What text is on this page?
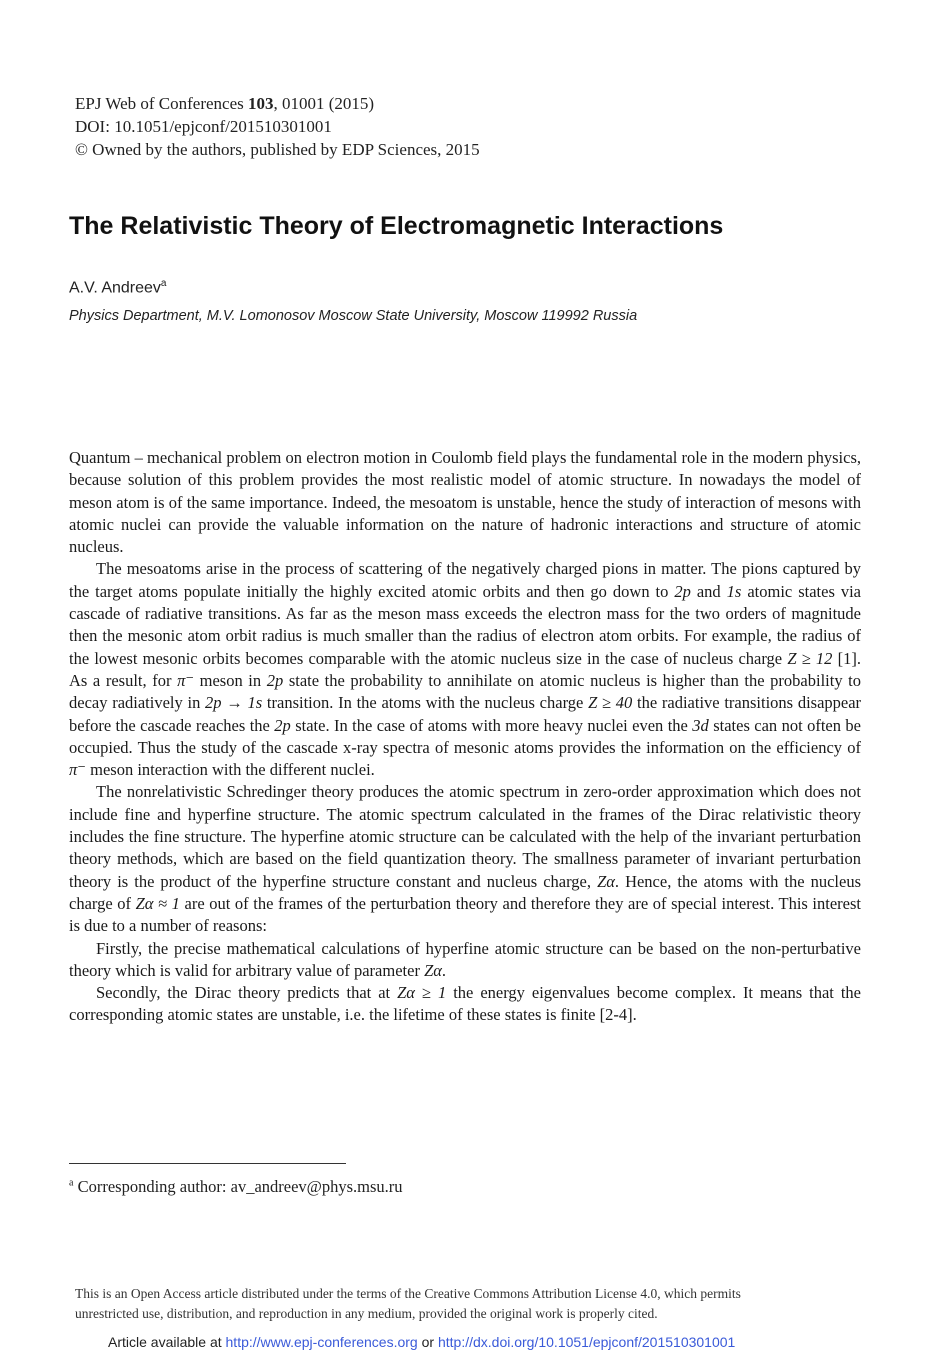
EPJ Web of Conferences 103, 01001 (2015)
DOI: 10.1051/epjconf/201510301001
© Owned by the authors, published by EDP Sciences, 2015
The Relativistic Theory of Electromagnetic Interactions
A.V. Andreev$^a$
Physics Department, M.V. Lomonosov Moscow State University, Moscow 119992 Russia

Quantum – mechanical problem on electron motion in Coulomb field plays the fundamental role in the modern physics, because solution of this problem provides the most realistic model of atomic structure. In nowadays the model of meson atom is of the same importance. Indeed, the mesoatom is unstable, hence the study of interaction of mesons with atomic nuclei can provide the valuable information on the nature of hadronic interactions and structure of atomic nucleus.

The mesoatoms arise in the process of scattering of the negatively charged pions in matter. The pions captured by the target atoms populate initially the highly excited atomic orbits and then go down to 2p and 1s atomic states via cascade of radiative transitions. As far as the meson mass exceeds the electron mass for the two orders of magnitude then the mesonic atom orbit radius is much smaller than the radius of electron atom orbits. For example, the radius of the lowest mesonic orbits becomes comparable with the atomic nucleus size in the case of nucleus charge Z ≥ 12 [1]. As a result, for π⁻ meson in 2p state the probability to annihilate on atomic nucleus is higher than the probability to decay radiatively in 2p → 1s transition. In the atoms with the nucleus charge Z ≥ 40 the radiative transitions disappear before the cascade reaches the 2p state. In the case of atoms with more heavy nuclei even the 3d states can not often be occupied. Thus the study of the cascade x-ray spectra of mesonic atoms provides the information on the efficiency of π⁻ meson interaction with the different nuclei.

The nonrelativistic Schredinger theory produces the atomic spectrum in zero-order approximation which does not include fine and hyperfine structure. The atomic spectrum calculated in the frames of the Dirac relativistic theory includes the fine structure. The hyperfine atomic structure can be calculated with the help of the invariant perturbation theory methods, which are based on the field quantization theory. The smallness parameter of invariant perturbation theory is the product of the hyperfine structure constant and nucleus charge, Zα. Hence, the atoms with the nucleus charge of Zα ≈ 1 are out of the frames of the perturbation theory and therefore they are of special interest. This interest is due to a number of reasons:

Firstly, the precise mathematical calculations of hyperfine atomic structure can be based on the non-perturbative theory which is valid for arbitrary value of parameter Zα.

Secondly, the Dirac theory predicts that at Zα ≥ 1 the energy eigenvalues become complex. It means that the corresponding atomic states are unstable, i.e. the lifetime of these states is finite [2-4].

$^a$ Corresponding author: av_andreev@phys.msu.ru
This is an Open Access article distributed under the terms of the Creative Commons Attribution License 4.0, which permits
unrestricted use, distribution, and reproduction in any medium, provided the original work is properly cited.
Article available at http://www.epj-conferences.org or http://dx.doi.org/10.1051/epjconf/201510301001
